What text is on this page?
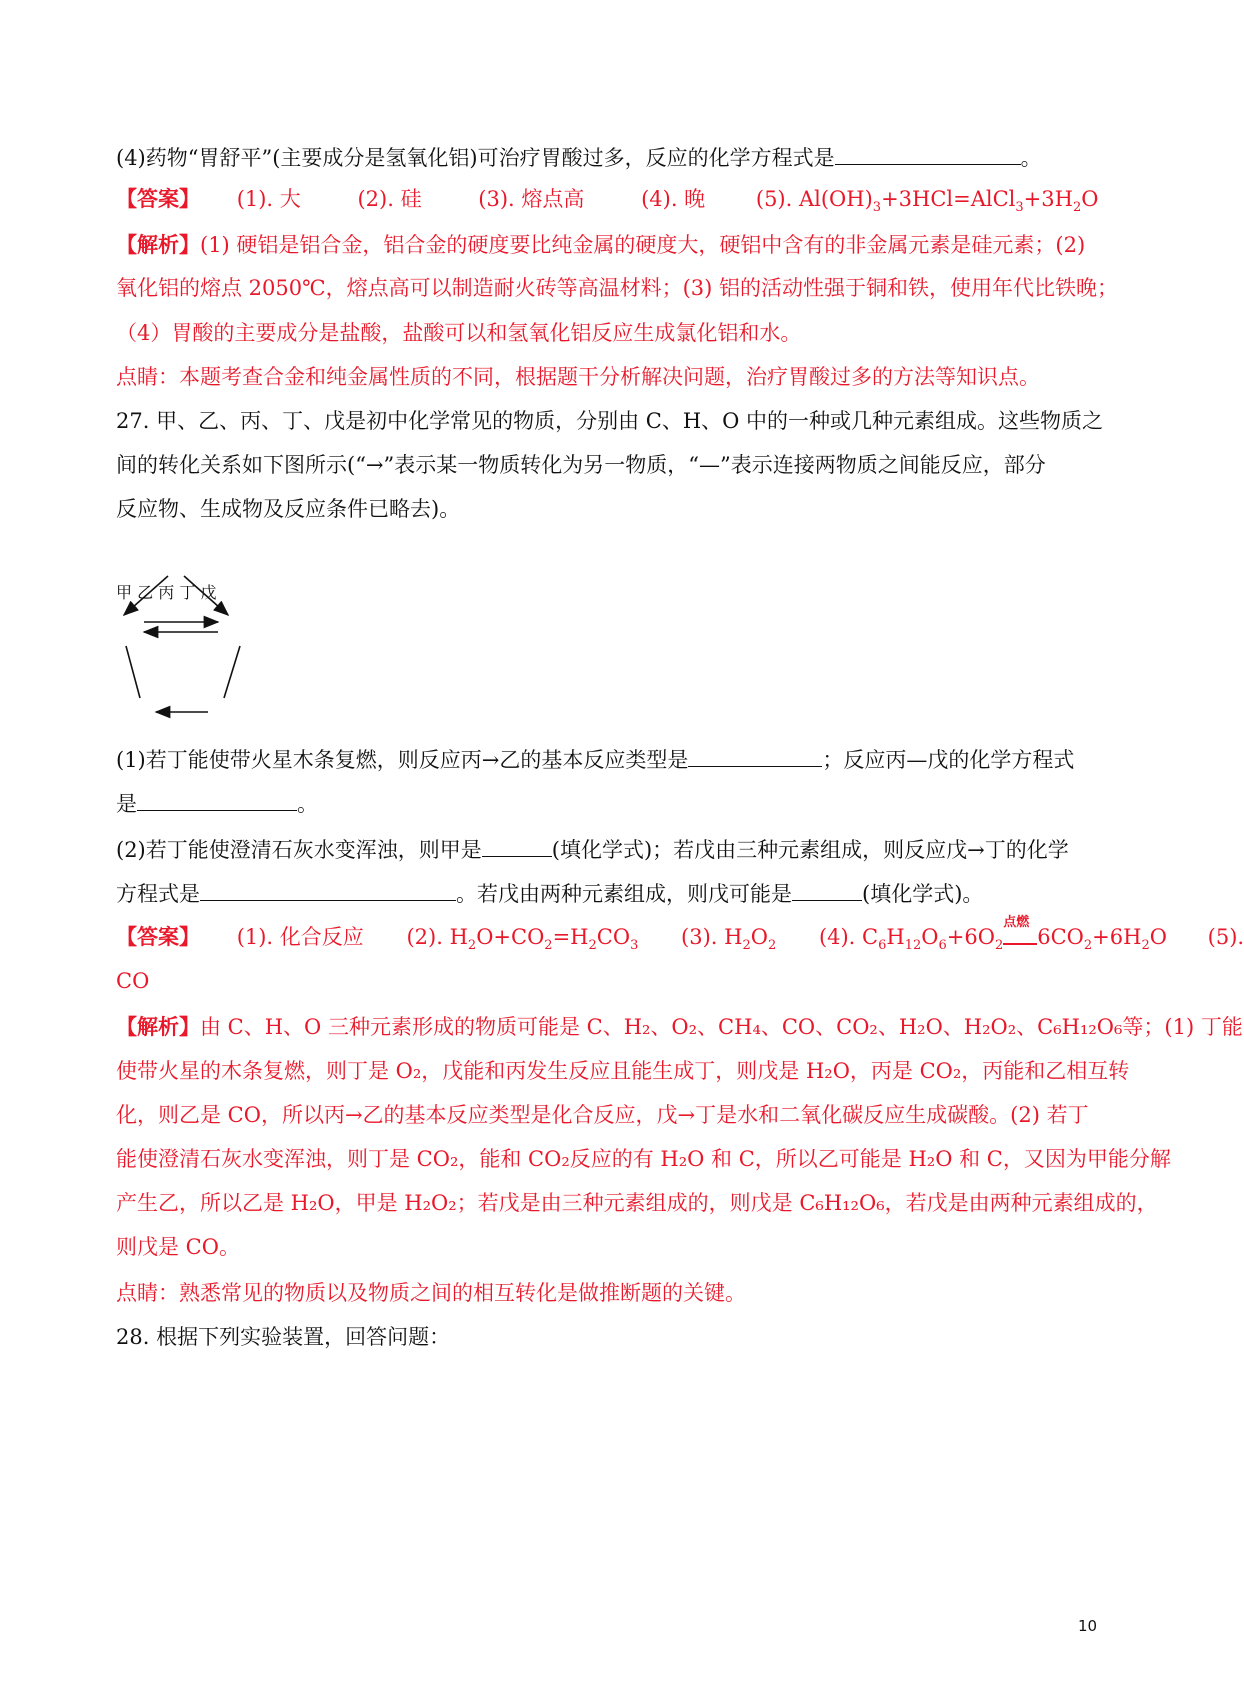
(4)药物“胃舒平”(主要成分是氢氧化铝)可治疗胃酸过多，反应的化学方程式是	。
【答案】 (1). 大	(2). 硅	(3). 熔点高	(4). 晚 (5). $Al(OH)_3+3HCl=AlCl_3+3H_2O$
【解析】(1) 硬铝是铝合金，铝合金的硬度要比纯金属的硬度大，硬铝中含有的非金属元素是硅元素；(2)
氧化铝的熔点 2050℃，熔点高可以制造耐火砖等高温材料；(3) 铝的活动性强于铜和铁，使用年代比铁晚；
（4）胃酸的主要成分是盐酸，盐酸可以和氢氧化铝反应生成氯化铝和水。
点睛：本题考查合金和纯金属性质的不同，根据题干分析解决问题，治疗胃酸过多的方法等知识点。
27. 甲、乙、丙、丁、戊是初中化学常见的物质，分别由 C、H、O 中的一种或几种元素组成。这些物质之
间的转化关系如下图所示(“→”表示某一物质转化为另一物质，“—”表示连接两物质之间能反应，部分
反应物、生成物及反应条件已略去)。
甲 乙 丙 丁 戊
(1)若丁能使带火星木条复燃，则反应丙→乙的基本反应类型是	；反应丙—戊的化学方程式
是	。
(2)若丁能使澄清石灰水变浑浊，则甲是	(填化学式)；若戊由三种元素组成，则反应戊→丁的化学
方程式是	。若戊由两种元素组成，则戊可能是	(填化学式)。
【答案】 (1). 化合反应 (2). $H_2O+CO_2=H_2CO_3$ (3). $H_2O_2$ (4). $C_6H_{12}O_6+6O_2$
点燃
$6CO_2+6H_2O$ (5).
CO
【解析】由 C、H、O 三种元素形成的物质可能是 C、H₂、O₂、CH₄、CO、CO₂、H₂O、H₂O₂、C₆H₁₂O₆等；(1) 丁能
使带火星的木条复燃，则丁是 O₂，戊能和丙发生反应且能生成丁，则戊是 H₂O，丙是 CO₂，丙能和乙相互转
化，则乙是 CO，所以丙→乙的基本反应类型是化合反应，戊→丁是水和二氧化碳反应生成碳酸。(2) 若丁
能使澄清石灰水变浑浊，则丁是 CO₂，能和 CO₂反应的有 H₂O 和 C，所以乙可能是 H₂O 和 C，又因为甲能分解
产生乙，所以乙是 H₂O，甲是 H₂O₂；若戊是由三种元素组成的，则戊是 C₆H₁₂O₆，若戊是由两种元素组成的，
则戊是 CO。
点睛：熟悉常见的物质以及物质之间的相互转化是做推断题的关键。
28. 根据下列实验装置，回答问题：
10
